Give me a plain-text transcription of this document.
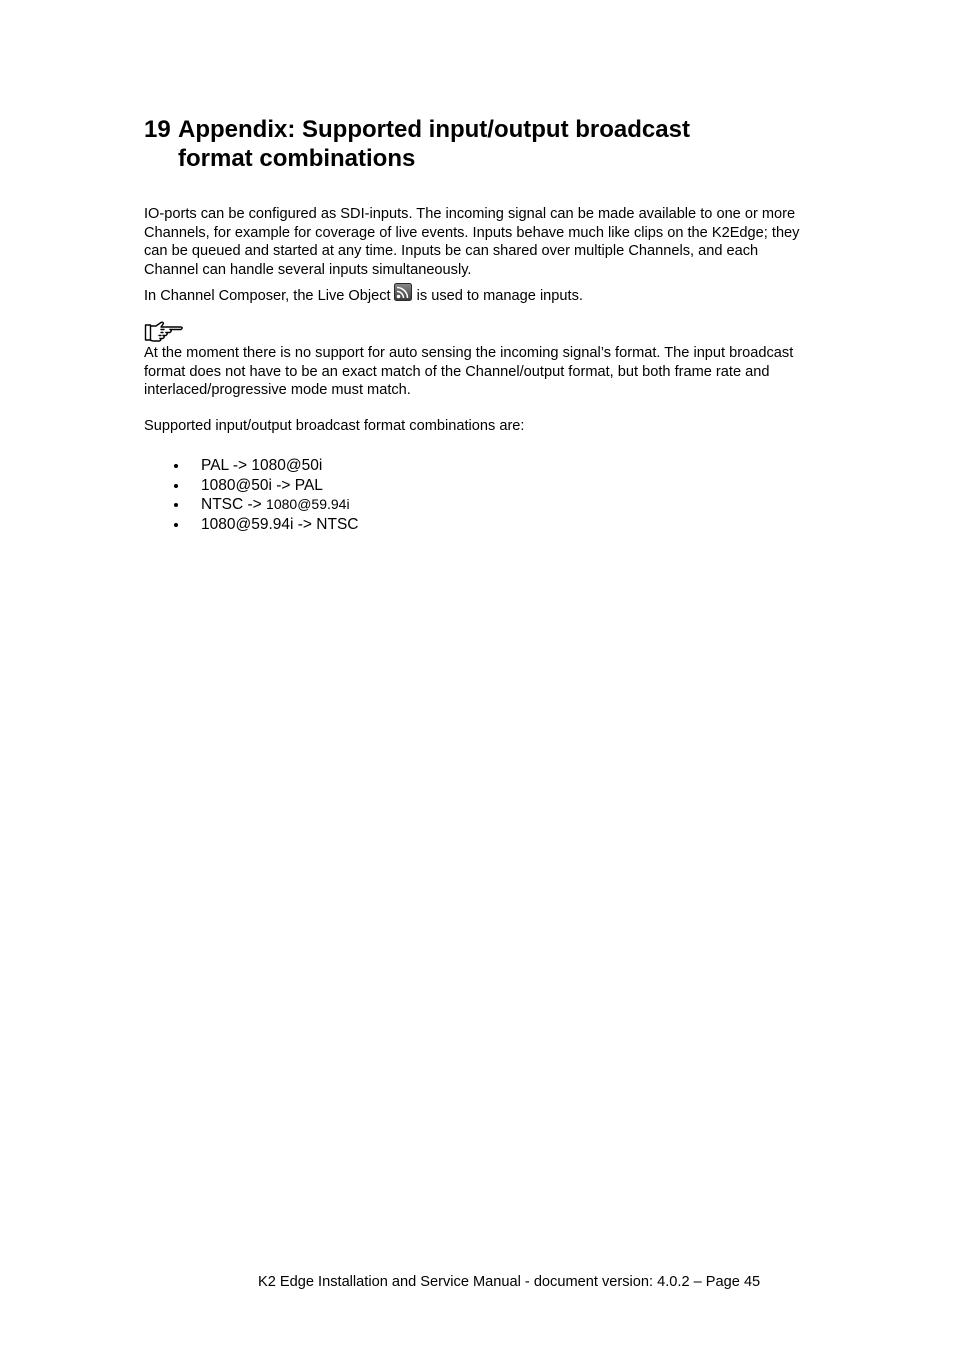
19 Appendix: Supported input/output broadcast
format combinations

IO-ports can be configured as SDI-inputs. The incoming signal can be made available to one or more Channels, for example for coverage of live events. Inputs behave much like clips on the K2Edge; they can be queued and started at any time. Inputs be can shared over multiple Channels, and each Channel can handle several inputs simultaneously.

In Channel Composer, the Live Object is used to manage inputs.

At the moment there is no support for auto sensing the incoming signal’s format. The input broadcast format does not have to be an exact match of the Channel/output format, but both frame rate and interlaced/progressive mode must match.

Supported input/output broadcast format combinations are:

PAL -> 1080@50i
1080@50i -> PAL
NTSC -> 1080@59.94i
1080@59.94i -> NTSC

K2 Edge Installation and Service Manual - document version: 4.0.2 – Page 45
